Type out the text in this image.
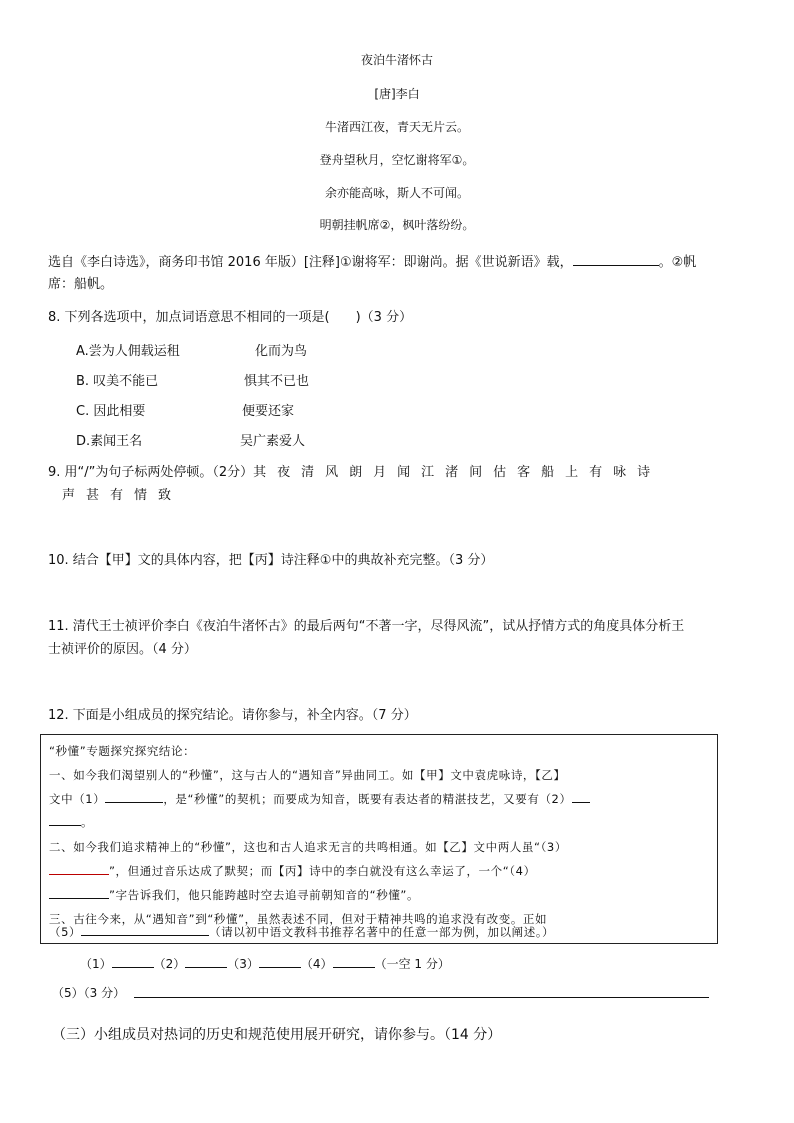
夜泊牛渚怀古
[唐]李白
牛渚西江夜，青天无片云。
登舟望秋月，空忆谢将军①。
余亦能高咏，斯人不可闻。
明朝挂帆席②，枫叶落纷纷。
选自《李白诗选》，商务印书馆 2016 年版）[注释]①谢将军：即谢尚。据《世说新语》载，	。②帆
席：船帆。
8. 下列各选项中，加点词语意思不相同的一项是(　　)（3 分）
A.尝为人佣载运租	化而为鸟
B. 叹美不能已	惧其不已也
C. 因此相要	便要还家
D.素闻王名	吴广素爱人
9. 用“/”为句子标两处停顿。（2分）其夜清风朗月闻江渚间估客船上有咏诗
声甚有情致
10. 结合【甲】文的具体内容，把【丙】诗注释①中的典故补充完整。（3 分）
11. 清代王士祯评价李白《夜泊牛渚怀古》的最后两句“不著一字，尽得风流”，试从抒情方式的角度具体分析王
士祯评价的原因。（4 分）
12. 下面是小组成员的探究结论。请你参与，补全内容。（7 分）
“秒懂”专题探究探究结论：
一、如今我们渴望别人的“秒懂”，这与古人的“遇知音”异曲同工。如【甲】文中袁虎咏诗，【乙】
文中（1）	，是“秒懂”的契机；而要成为知音，既要有表达者的精湛技艺，又要有（2）
。
二、如今我们追求精神上的“秒懂”，这也和古人追求无言的共鸣相通。如【乙】文中两人虽“（3）
”，但通过音乐达成了默契；而【丙】诗中的李白就没有这么幸运了，一个“（4）
”字告诉我们，他只能跨越时空去追寻前朝知音的“秒懂”。
三、古往今来，从“遇知音”到“秒懂”，虽然表述不同，但对于精神共鸣的追求没有改变。正如
（5）	（请以初中语文教科书推荐名著中的任意一部为例，加以阐述。）
（1）	（2）	（3）	（4）	（一空 1 分）
（5）（3 分）
（三）小组成员对热词的历史和规范使用展开研究，请你参与。（14 分）
